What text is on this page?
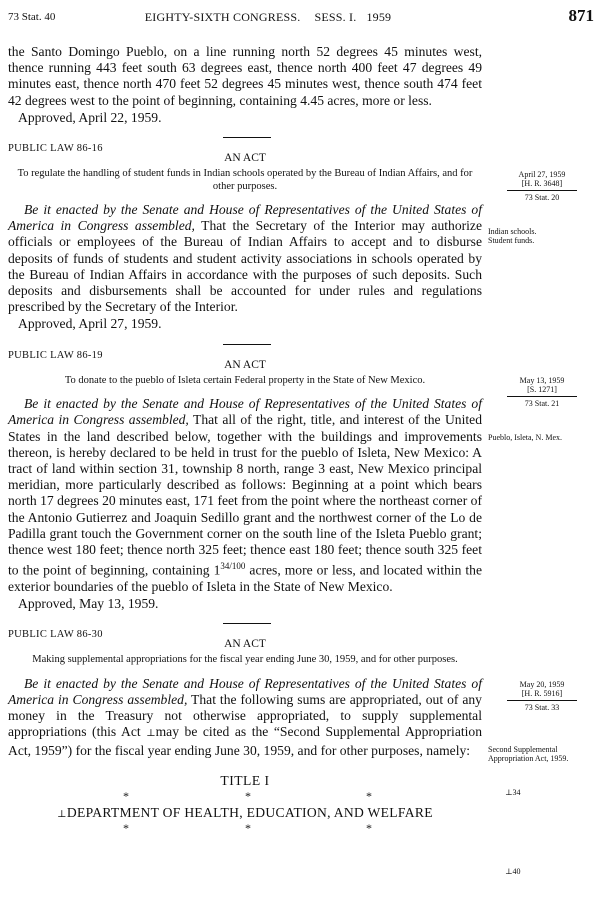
73 Stat. 40	EIGHTY-SIXTH CONGRESS. SESS. I. 1959	871

the Santo Domingo Pueblo, on a line running north 52 degrees 45 minutes west, thence running 443 feet south 63 degrees east, thence north 400 feet 47 degrees 49 minutes east, thence north 470 feet 52 degrees 45 minutes west, thence south 474 feet 42 degrees west to the point of beginning, containing 4.45 acres, more or less.

Approved, April 22, 1959.

PUBLIC LAW 86-16

AN ACT

To regulate the handling of student funds in Indian schools operated by the Bureau of Indian Affairs, and for other purposes.

Be it enacted by the Senate and House of Representatives of the United States of America in Congress assembled, That the Secretary of the Interior may authorize officials or employees of the Bureau of Indian Affairs to accept and to disburse deposits of funds of students and student activity associations in schools operated by the Bureau of Indian Affairs in accordance with the purposes of such deposits. Such deposits and disbursements shall be accounted for under rules and regulations prescribed by the Secretary of the Interior.

Approved, April 27, 1959.

PUBLIC LAW 86-19

AN ACT

To donate to the pueblo of Isleta certain Federal property in the State of New Mexico.

Be it enacted by the Senate and House of Representatives of the United States of America in Congress assembled, That all of the right, title, and interest of the United States in the land described below, together with the buildings and improvements thereon, is hereby declared to be held in trust for the pueblo of Isleta, New Mexico: A tract of land within section 31, township 8 north, range 3 east, New Mexico principal meridian, more particularly described as follows: Beginning at a point which bears north 17 degrees 20 minutes east, 171 feet from the point where the northeast corner of the Antonio Gutierrez and Joaquin Sedillo grant and the northwest corner of the Lo de Padilla grant touch the Government corner on the south line of the Isleta Pueblo grant; thence west 180 feet; thence north 325 feet; thence east 180 feet; thence south 325 feet to the point of beginning, containing $1^{34/100}$ acres, more or less, and located within the exterior boundaries of the pueblo of Isleta in the State of New Mexico.

Approved, May 13, 1959.

PUBLIC LAW 86-30

AN ACT

Making supplemental appropriations for the fiscal year ending June 30, 1959, and for other purposes.

Be it enacted by the Senate and House of Representatives of the United States of America in Congress assembled, That the following sums are appropriated, out of any money in the Treasury not otherwise appropriated, to supply supplemental appropriations (this Act ⊥may be cited as the “Second Supplemental Appropriation Act, 1959”) for the fiscal year ending June 30, 1959, and for other purposes, namely:

TITLE I

*	*	*

⊥DEPARTMENT OF HEALTH, EDUCATION, AND WELFARE

*	*	*
April 27, 1959
[H. R. 3648]
73 Stat. 20
Indian schools. Student funds.
May 13, 1959
[S. 1271]
73 Stat. 21
Pueblo, Isleta, N. Mex.
May 20, 1959
[H. R. 5916]
73 Stat. 33
Second Supplemental Appropriation Act, 1959.
⊥34
⊥40
